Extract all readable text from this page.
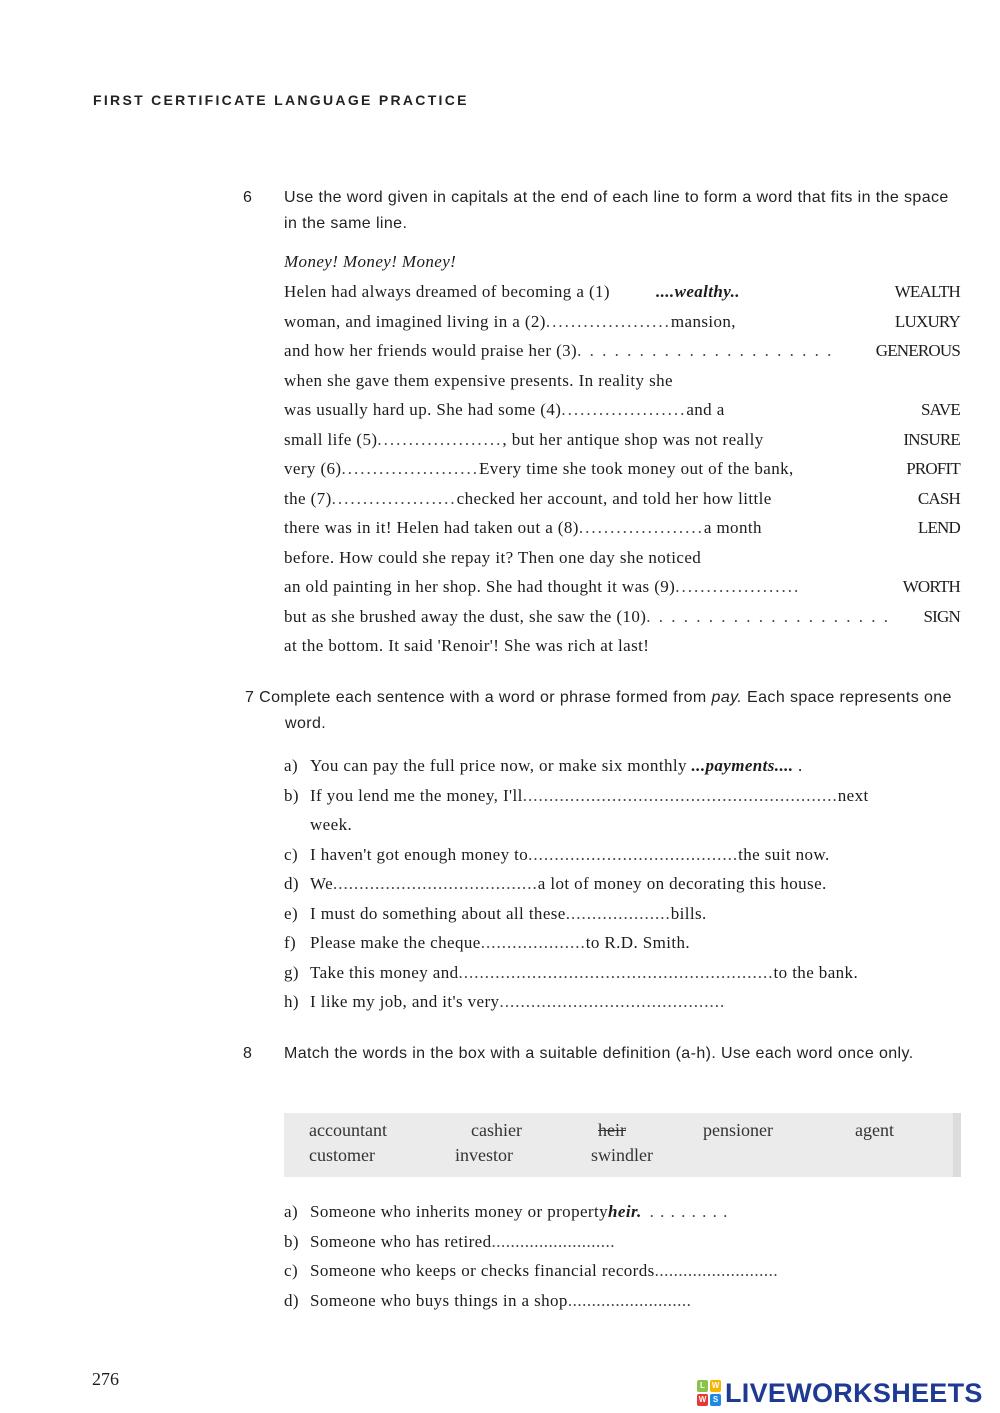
FIRST CERTIFICATE LANGUAGE PRACTICE
6 Use the word given in capitals at the end of each line to form a word that fits in the space in the same line.
Money! Money! Money!
Helen had always dreamed of becoming a (1)	....wealthy..	WEALTH
woman, and imagined living in a (2)....................mansion,	LUXURY
and how her friends would praise her (3). . . . . . . . . . . . . . . . . . . . . GENEROUS
when she gave them expensive presents. In reality she
was usually hard up. She had some (4)....................and a	SAVE
small life (5)...................., but her antique shop was not really	INSURE
very (6)......................Every time she took money out of the bank,	PROFIT
the (7)....................checked her account, and told her how little	CASH
there was in it! Helen had taken out a (8)....................a month	LEND
before. How could she repay it? Then one day she noticed
an old painting in her shop. She had thought it was (9)....................	WORTH
but as she brushed away the dust, she saw the (10). . . . . . . . . . . . . . . . . . . . SIGN
at the bottom. It said 'Renoir'! She was rich at last!
7 Complete each sentence with a word or phrase formed from pay. Each space represents one word.
a) You can pay the full price now, or make six monthly ...payments.... .
b) If you lend me the money, I'll............................................................next
week.
c) I haven't got enough money to........................................the suit now.
d) We.......................................a lot of money on decorating this house.
e) I must do something about all these....................bills.
f) Please make the cheque....................to R.D. Smith.
g) Take this money and............................................................to the bank.
h) I like my job, and it's very...........................................
8 Match the words in the box with a suitable definition (a-h). Use each word once only.
accountant	cashier	heir	pensioner	agent
customer	investor	swindler
a) Someone who inherits money or propertyheir. . . . . . . . .
b) Someone who has retired..........................
c) Someone who keeps or checks financial records..........................
d) Someone who buys things in a shop..........................
276	L W
W S LIVEWORKSHEETS
